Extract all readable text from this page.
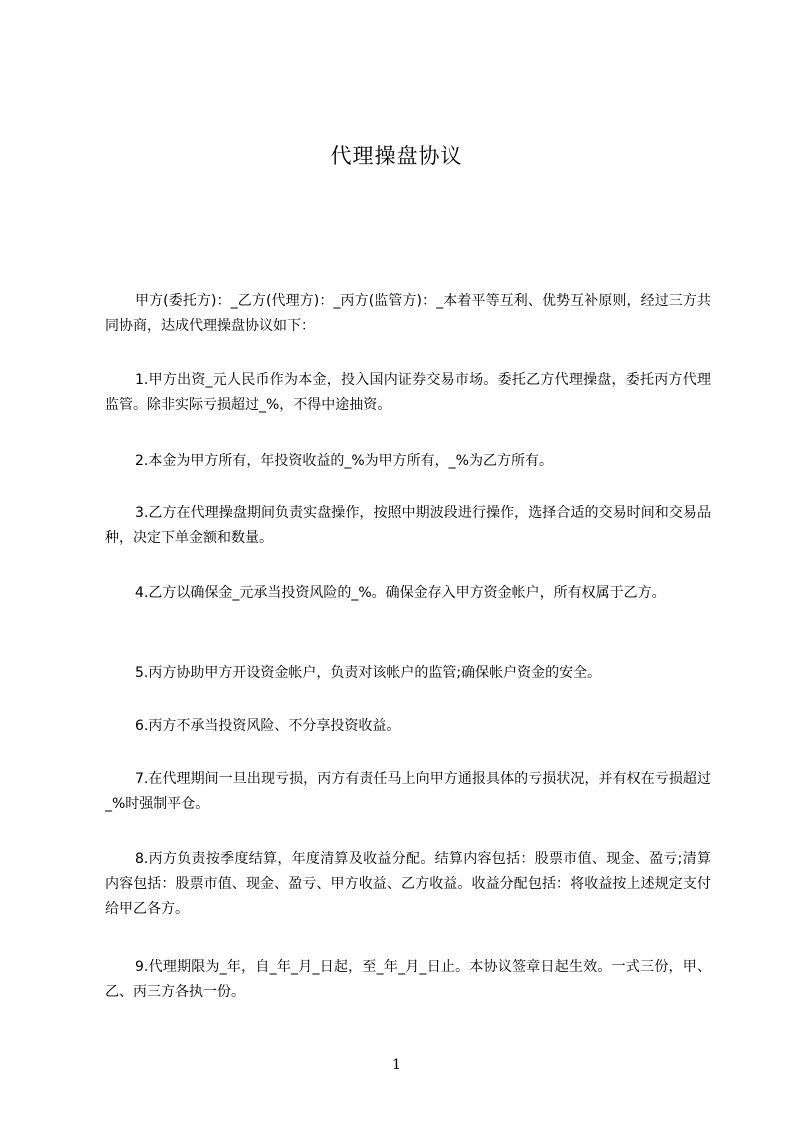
代理操盘协议
甲方(委托方)：_乙方(代理方)：_丙方(监管方)：_本着平等互利、优势互补原则，经过三方共同协商，达成代理操盘协议如下：
1.甲方出资_元人民币作为本金，投入国内证券交易市场。委托乙方代理操盘，委托丙方代理监管。除非实际亏损超过_%，不得中途抽资。
2.本金为甲方所有，年投资收益的_%为甲方所有，_%为乙方所有。
3.乙方在代理操盘期间负责实盘操作，按照中期波段进行操作，选择合适的交易时间和交易品种，决定下单金额和数量。
4.乙方以确保金_元承当投资风险的_%。确保金存入甲方资金帐户，所有权属于乙方。
5.丙方协助甲方开设资金帐户，负责对该帐户的监管;确保帐户资金的安全。
6.丙方不承当投资风险、不分享投资收益。
7.在代理期间一旦出现亏损，丙方有责任马上向甲方通报具体的亏损状况，并有权在亏损超过_%时强制平仓。
8.丙方负责按季度结算，年度清算及收益分配。结算内容包括：股票市值、现金、盈亏;清算内容包括：股票市值、现金、盈亏、甲方收益、乙方收益。收益分配包括：将收益按上述规定支付给甲乙各方。
9.代理期限为_年，自_年_月_日起，至_年_月_日止。本协议签章日起生效。一式三份，甲、乙、丙三方各执一份。
1
